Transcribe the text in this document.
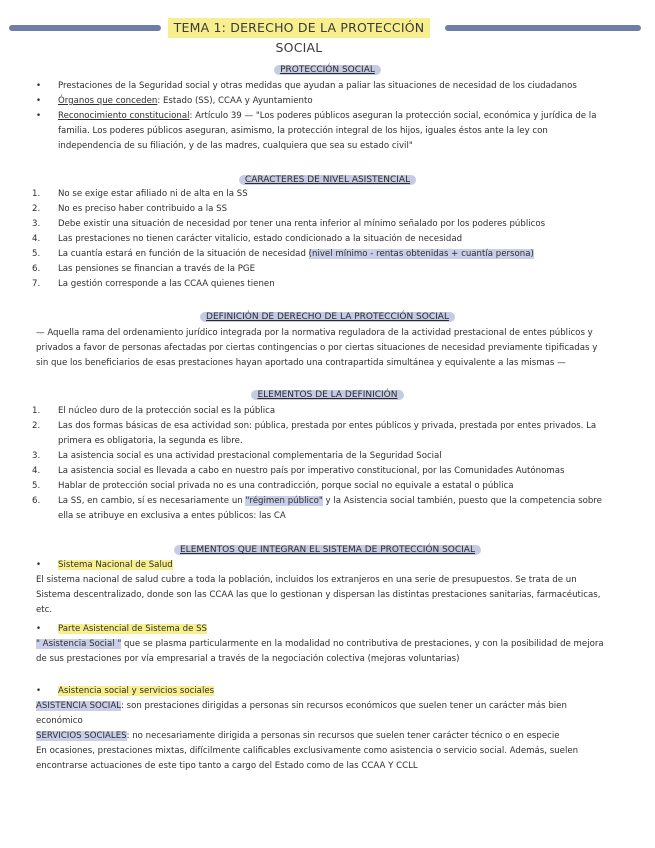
TEMA 1: DERECHO DE LA PROTECCIÓN SOCIAL
PROTECCIÓN SOCIAL
• Prestaciones de la Seguridad social y otras medidas que ayudan a paliar las situaciones de necesidad de los ciudadanos
• Órganos que conceden: Estado (SS), CCAA y Ayuntamiento
• Reconocimiento constitucional: Artículo 39 — "Los poderes públicos aseguran la protección social, económica y jurídica de la familia. Los poderes públicos aseguran, asimismo, la protección integral de los hijos, iguales éstos ante la ley con independencia de su filiación, y de las madres, cualquiera que sea su estado civil"
CARACTERES DE NIVEL ASISTENCIAL
1. No se exige estar afiliado ni de alta en la SS
2. No es preciso haber contribuido a la SS
3. Debe existir una situación de necesidad por tener una renta inferior al mínimo señalado por los poderes públicos
4. Las prestaciones no tienen carácter vitalicio, estado condicionado a la situación de necesidad
5. La cuantía estará en función de la situación de necesidad (nivel mínimo - rentas obtenidas + cuantía persona)
6. Las pensiones se financian a través de la PGE
7. La gestión corresponde a las CCAA quienes tienen
DEFINICIÓN DE DERECHO DE LA PROTECCIÓN SOCIAL
— Aquella rama del ordenamiento jurídico integrada por la normativa reguladora de la actividad prestacional de entes públicos y privados a favor de personas afectadas por ciertas contingencias o por ciertas situaciones de necesidad previamente tipificadas y sin que los beneficiarios de esas prestaciones hayan aportado una contrapartida simultánea y equivalente a las mismas —
ELEMENTOS DE LA DEFINICIÓN
1. El núcleo duro de la protección social es la pública
2. Las dos formas básicas de esa actividad son: pública, prestada por entes públicos y privada, prestada por entes privados. La primera es obligatoria, la segunda es libre.
3. La asistencia social es una actividad prestacional complementaria de la Seguridad Social
4. La asistencia social es llevada a cabo en nuestro país por imperativo constitucional, por las Comunidades Autónomas
5. Hablar de protección social privada no es una contradicción, porque social no equivale a estatal o pública
6. La SS, en cambio, sí es necesariamente un "régimen público" y la Asistencia social también, puesto que la competencia sobre ella se atribuye en exclusiva a entes públicos: las CA
ELEMENTOS QUE INTEGRAN EL SISTEMA DE PROTECCIÓN SOCIAL
• Sistema Nacional de Salud
El sistema nacional de salud cubre a toda la población, incluidos los extranjeros en una serie de presupuestos. Se trata de un Sistema descentralizado, donde son las CCAA las que lo gestionan y dispersan las distintas prestaciones sanitarias, farmacéuticas, etc.
• Parte Asistencial de Sistema de SS
" Asistencia Social " que se plasma particularmente en la modalidad no contributiva de prestaciones, y con la posibilidad de mejora de sus prestaciones por vía empresarial a través de la negociación colectiva (mejoras voluntarias)
• Asistencia social y servicios sociales
ASISTENCIA SOCIAL: son prestaciones dirigidas a personas sin recursos económicos que suelen tener un carácter más bien económico
SERVICIOS SOCIALES: no necesariamente dirigida a personas sin recursos que suelen tener carácter técnico o en especie
En ocasiones, prestaciones mixtas, difícilmente calificables exclusivamente como asistencia o servicio social. Además, suelen encontrarse actuaciones de este tipo tanto a cargo del Estado como de las CCAA Y CCLL
